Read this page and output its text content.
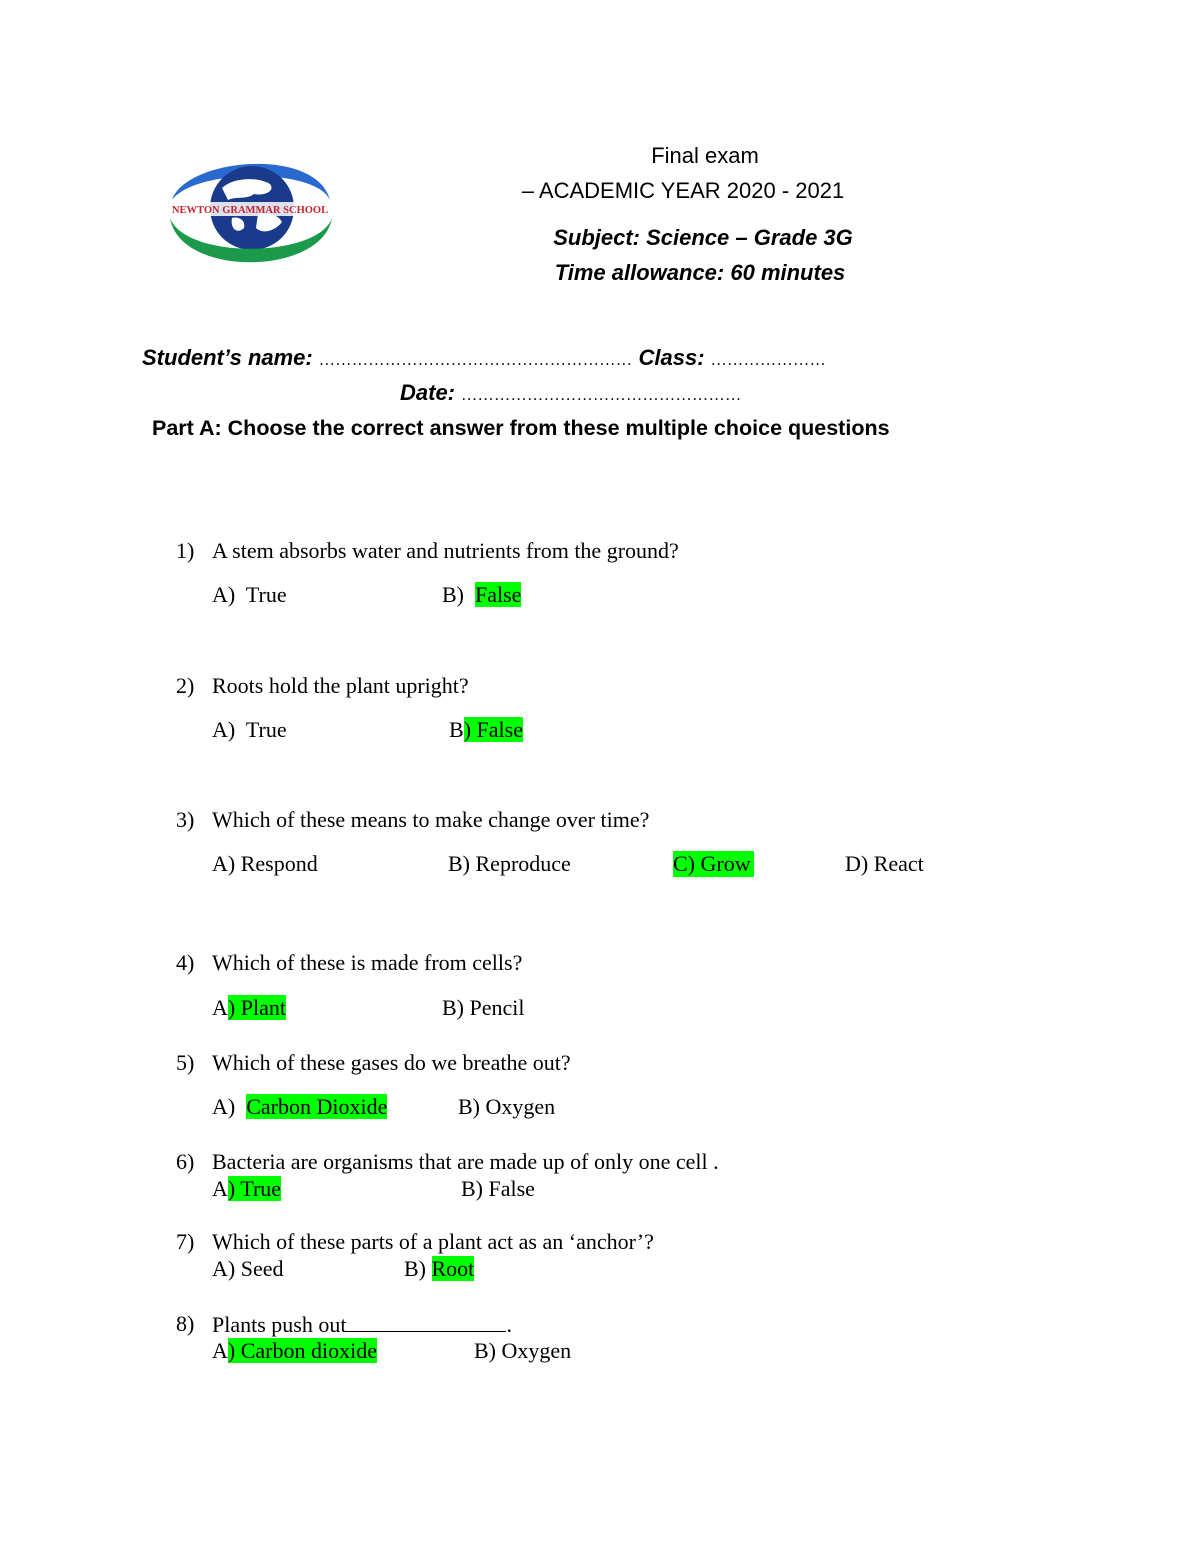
NEWTON GRAMMAR SCHOOL
Final exam
– ACADEMIC YEAR 2020 - 2021
Subject: Science – Grade 3G
Time allowance: 60 minutes
Student’s name: ………………………………………………… Class: …………………
Date: ……………………………………………
Part A: Choose the correct answer from these multiple choice questions
1) A stem absorbs water and nutrients from the ground?
A) True	B) False
2) Roots hold the plant upright?
A) True	B) False
3) Which of these means to make change over time?
A) Respond	B) Reproduce	C) Grow	D) React
4) Which of these is made from cells?
A) Plant	B) Pencil
5) Which of these gases do we breathe out?
A) Carbon Dioxide	B) Oxygen
6) Bacteria are organisms that are made up of only one cell .
A) True	B) False
7) Which of these parts of a plant act as an ‘anchor’?
A) Seed	B) Root
8) Plants push out	.
A) Carbon dioxide	B) Oxygen
